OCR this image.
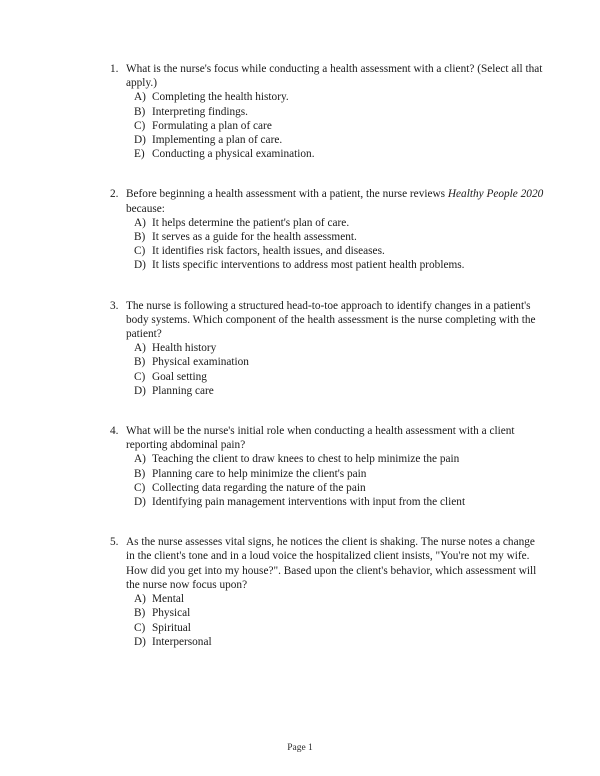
1. What is the nurse's focus while conducting a health assessment with a client? (Select all that apply.)
A) Completing the health history.
B) Interpreting findings.
C) Formulating a plan of care
D) Implementing a plan of care.
E) Conducting a physical examination.
2. Before beginning a health assessment with a patient, the nurse reviews Healthy People 2020 because:
A) It helps determine the patient's plan of care.
B) It serves as a guide for the health assessment.
C) It identifies risk factors, health issues, and diseases.
D) It lists specific interventions to address most patient health problems.
3. The nurse is following a structured head-to-toe approach to identify changes in a patient's body systems. Which component of the health assessment is the nurse completing with the patient?
A) Health history
B) Physical examination
C) Goal setting
D) Planning care
4. What will be the nurse's initial role when conducting a health assessment with a client reporting abdominal pain?
A) Teaching the client to draw knees to chest to help minimize the pain
B) Planning care to help minimize the client's pain
C) Collecting data regarding the nature of the pain
D) Identifying pain management interventions with input from the client
5. As the nurse assesses vital signs, he notices the client is shaking. The nurse notes a change in the client's tone and in a loud voice the hospitalized client insists, "You're not my wife. How did you get into my house?". Based upon the client's behavior, which assessment will the nurse now focus upon?
A) Mental
B) Physical
C) Spiritual
D) Interpersonal
Page 1
